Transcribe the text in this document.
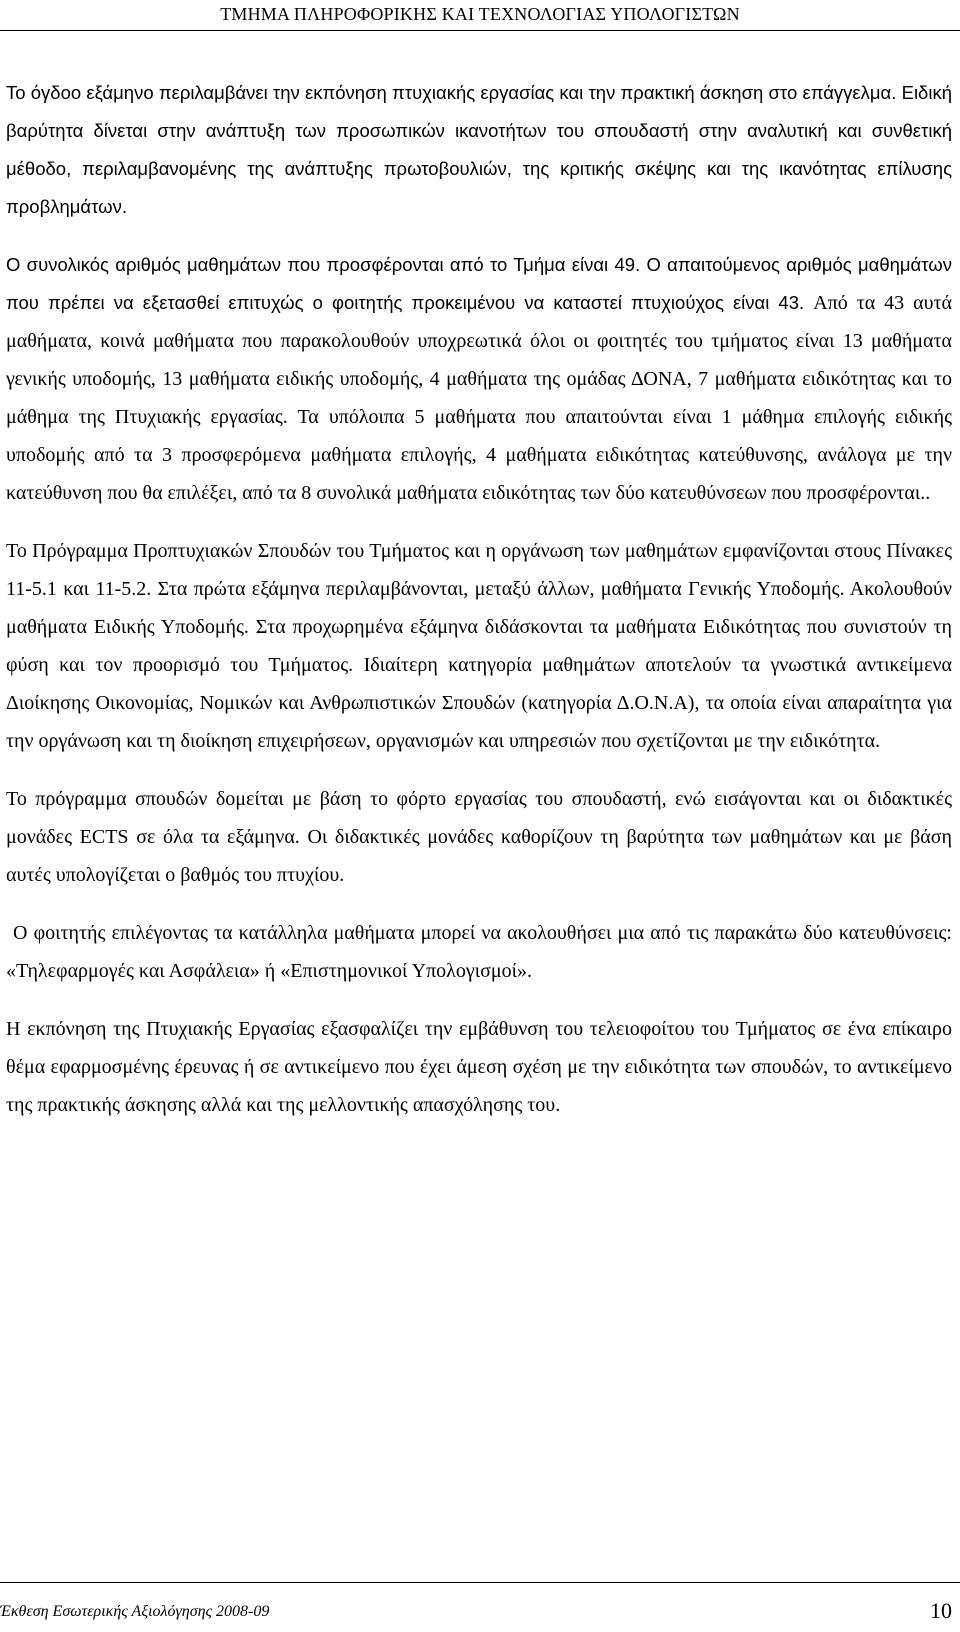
ΤΜΗΜΑ ΠΛΗΡΟΦΟΡΙΚΗΣ ΚΑΙ ΤΕΧΝΟΛΟΓΙΑΣ ΥΠΟΛΟΓΙΣΤΩΝ

Το όγδοο εξάμηνο περιλαμβάνει την εκπόνηση πτυχιακής εργασίας και την πρακτική άσκηση στο επάγγελμα. Ειδική βαρύτητα δίνεται στην ανάπτυξη των προσωπικών ικανοτήτων του σπουδαστή στην αναλυτική και συνθετική μέθοδο, περιλαμβανομένης της ανάπτυξης πρωτοβουλιών, της κριτικής σκέψης και της ικανότητας επίλυσης προβλημάτων.

Ο συνολικός αριθμός μαθημάτων που προσφέρονται από το Τμήμα είναι 49. Ο απαιτούμενος αριθμός μαθημάτων που πρέπει να εξετασθεί επιτυχώς ο φοιτητής προκειμένου να καταστεί πτυχιούχος είναι 43. Από τα 43 αυτά μαθήματα, κοινά μαθήματα που παρακολουθούν υποχρεωτικά όλοι οι φοιτητές του τμήματος είναι 13 μαθήματα γενικής υποδομής, 13 μαθήματα ειδικής υποδομής, 4 μαθήματα της ομάδας ΔΟΝΑ, 7 μαθήματα ειδικότητας και το μάθημα της Πτυχιακής εργασίας. Τα υπόλοιπα 5 μαθήματα που απαιτούνται είναι 1 μάθημα επιλογής ειδικής υποδομής από τα 3 προσφερόμενα μαθήματα επιλογής, 4 μαθήματα ειδικότητας κατεύθυνσης, ανάλογα με την κατεύθυνση που θα επιλέξει, από τα 8 συνολικά μαθήματα ειδικότητας των δύο κατευθύνσεων που προσφέρονται..

Το Πρόγραμμα Προπτυχιακών Σπουδών του Τμήματος και η οργάνωση των μαθημάτων εμφανίζονται στους Πίνακες 11-5.1 και 11-5.2. Στα πρώτα εξάμηνα περιλαμβάνονται, μεταξύ άλλων, μαθήματα Γενικής Υποδομής. Ακολουθούν μαθήματα Ειδικής Υποδομής. Στα προχωρημένα εξάμηνα διδάσκονται τα μαθήματα Ειδικότητας που συνιστούν τη φύση και τον προορισμό του Τμήματος. Ιδιαίτερη κατηγορία μαθημάτων αποτελούν τα γνωστικά αντικείμενα Διοίκησης Οικονομίας, Νομικών και Ανθρωπιστικών Σπουδών (κατηγορία Δ.Ο.Ν.Α), τα οποία είναι απαραίτητα για την οργάνωση και τη διοίκηση επιχειρήσεων, οργανισμών και υπηρεσιών που σχετίζονται με την ειδικότητα.

Το πρόγραμμα σπουδών δομείται με βάση το φόρτο εργασίας του σπουδαστή, ενώ εισάγονται και οι διδακτικές μονάδες ECTS σε όλα τα εξάμηνα. Οι διδακτικές μονάδες καθορίζουν τη βαρύτητα των μαθημάτων και με βάση αυτές υπολογίζεται ο βαθμός του πτυχίου.

Ο φοιτητής επιλέγοντας τα κατάλληλα μαθήματα μπορεί να ακολουθήσει μια από τις παρακάτω δύο κατευθύνσεις: «Τηλεφαρμογές και Ασφάλεια» ή «Επιστημονικοί Υπολογισμοί».

Η εκπόνηση της Πτυχιακής Εργασίας εξασφαλίζει την εμβάθυνση του τελειοφοίτου του Τμήματος σε ένα επίκαιρο θέμα εφαρμοσμένης έρευνας ή σε αντικείμενο που έχει άμεση σχέση με την ειδικότητα των σπουδών, το αντικείμενο της πρακτικής άσκησης αλλά και της μελλοντικής απασχόλησης του.

Έκθεση Εσωτερικής Αξιολόγησης 2008-09	10
